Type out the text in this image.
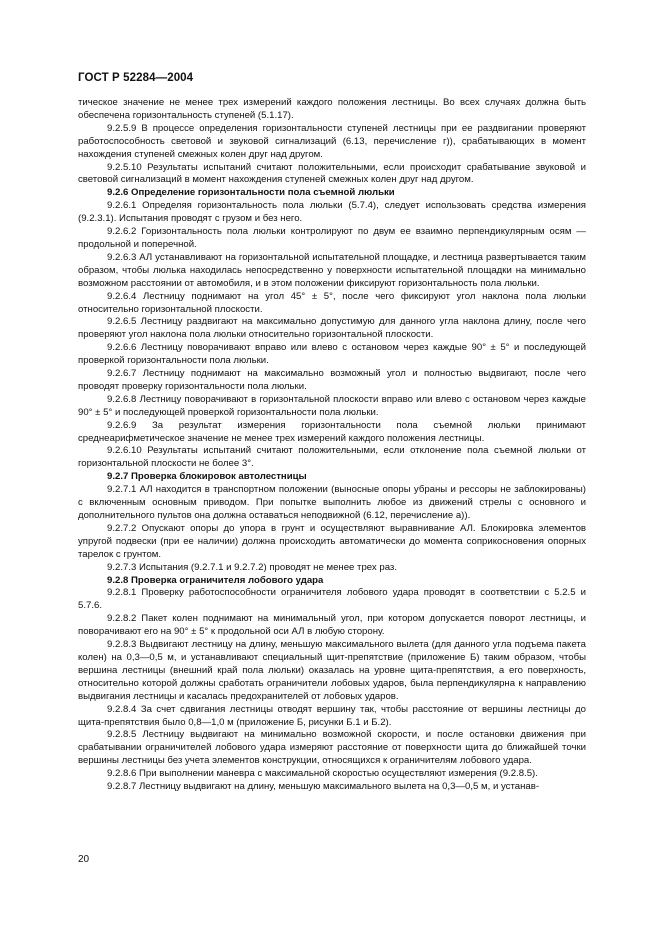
ГОСТ Р 52284—2004

тическое значение не менее трех измерений каждого положения лестницы. Во всех случаях должна быть обеспечена горизонтальность ступеней (5.1.17).

9.2.5.9 В процессе определения горизонтальности ступеней лестницы при ее раздвигании проверяют работоспособность световой и звуковой сигнализаций (6.13, перечисление г)), срабатывающих в момент нахождения ступеней смежных колен друг над другом.

9.2.5.10 Результаты испытаний считают положительными, если происходит срабатывание звуковой и световой сигнализаций в момент нахождения ступеней смежных колен друг над другом.

9.2.6 Определение горизонтальности пола съемной люльки

9.2.6.1 Определяя горизонтальность пола люльки (5.7.4), следует использовать средства измерения (9.2.3.1). Испытания проводят с грузом и без него.

9.2.6.2 Горизонтальность пола люльки контролируют по двум ее взаимно перпендикулярным осям — продольной и поперечной.

9.2.6.3 АЛ устанавливают на горизонтальной испытательной площадке, и лестница развертывается таким образом, чтобы люлька находилась непосредственно у поверхности испытательной площадки на минимально возможном расстоянии от автомобиля, и в этом положении фиксируют горизонтальность пола люльки.

9.2.6.4 Лестницу поднимают на угол 45° ± 5°, после чего фиксируют угол наклона пола люльки относительно горизонтальной плоскости.

9.2.6.5 Лестницу раздвигают на максимально допустимую для данного угла наклона длину, после чего проверяют угол наклона пола люльки относительно горизонтальной плоскости.

9.2.6.6 Лестницу поворачивают вправо или влево с остановом через каждые 90° ± 5° и последующей проверкой горизонтальности пола люльки.

9.2.6.7 Лестницу поднимают на максимально возможный угол и полностью выдвигают, после чего проводят проверку горизонтальности пола люльки.

9.2.6.8 Лестницу поворачивают в горизонтальной плоскости вправо или влево с остановом через каждые 90° ± 5° и последующей проверкой горизонтальности пола люльки.

9.2.6.9 За результат измерения горизонтальности пола съемной люльки принимают среднеарифметическое значение не менее трех измерений каждого положения лестницы.

9.2.6.10 Результаты испытаний считают положительными, если отклонение пола съемной люльки от горизонтальной плоскости не более 3°.

9.2.7 Проверка блокировок автолестницы

9.2.7.1 АЛ находится в транспортном положении (выносные опоры убраны и рессоры не заблокированы) с включенным основным приводом. При попытке выполнить любое из движений стрелы с основного и дополнительного пультов она должна оставаться неподвижной (6.12, перечисление а)).

9.2.7.2 Опускают опоры до упора в грунт и осуществляют выравнивание АЛ. Блокировка элементов упругой подвески (при ее наличии) должна происходить автоматически до момента соприкосновения опорных тарелок с грунтом.

9.2.7.3 Испытания (9.2.7.1 и 9.2.7.2) проводят не менее трех раз.

9.2.8 Проверка ограничителя лобового удара

9.2.8.1 Проверку работоспособности ограничителя лобового удара проводят в соответствии с 5.2.5 и 5.7.6.

9.2.8.2 Пакет колен поднимают на минимальный угол, при котором допускается поворот лестницы, и поворачивают его на 90° ± 5° к продольной оси АЛ в любую сторону.

9.2.8.3 Выдвигают лестницу на длину, меньшую максимального вылета (для данного угла подъема пакета колен) на 0,3—0,5 м, и устанавливают специальный щит-препятствие (приложение Б) таким образом, чтобы вершина лестницы (внешний край пола люльки) оказалась на уровне щита-препятствия, а его поверхность, относительно которой должны сработать ограничители лобовых ударов, была перпендикулярна к направлению выдвигания лестницы и касалась предохранителей от лобовых ударов.

9.2.8.4 За счет сдвигания лестницы отводят вершину так, чтобы расстояние от вершины лестницы до щита-препятствия было 0,8—1,0 м (приложение Б, рисунки Б.1 и Б.2).

9.2.8.5 Лестницу выдвигают на минимально возможной скорости, и после остановки движения при срабатывании ограничителей лобового удара измеряют расстояние от поверхности щита до ближайшей точки вершины лестницы без учета элементов конструкции, относящихся к ограничителям лобового удара.

9.2.8.6 При выполнении маневра с максимальной скоростью осуществляют измерения (9.2.8.5).

9.2.8.7 Лестницу выдвигают на длину, меньшую максимального вылета на 0,3—0,5 м, и устанав-

20
